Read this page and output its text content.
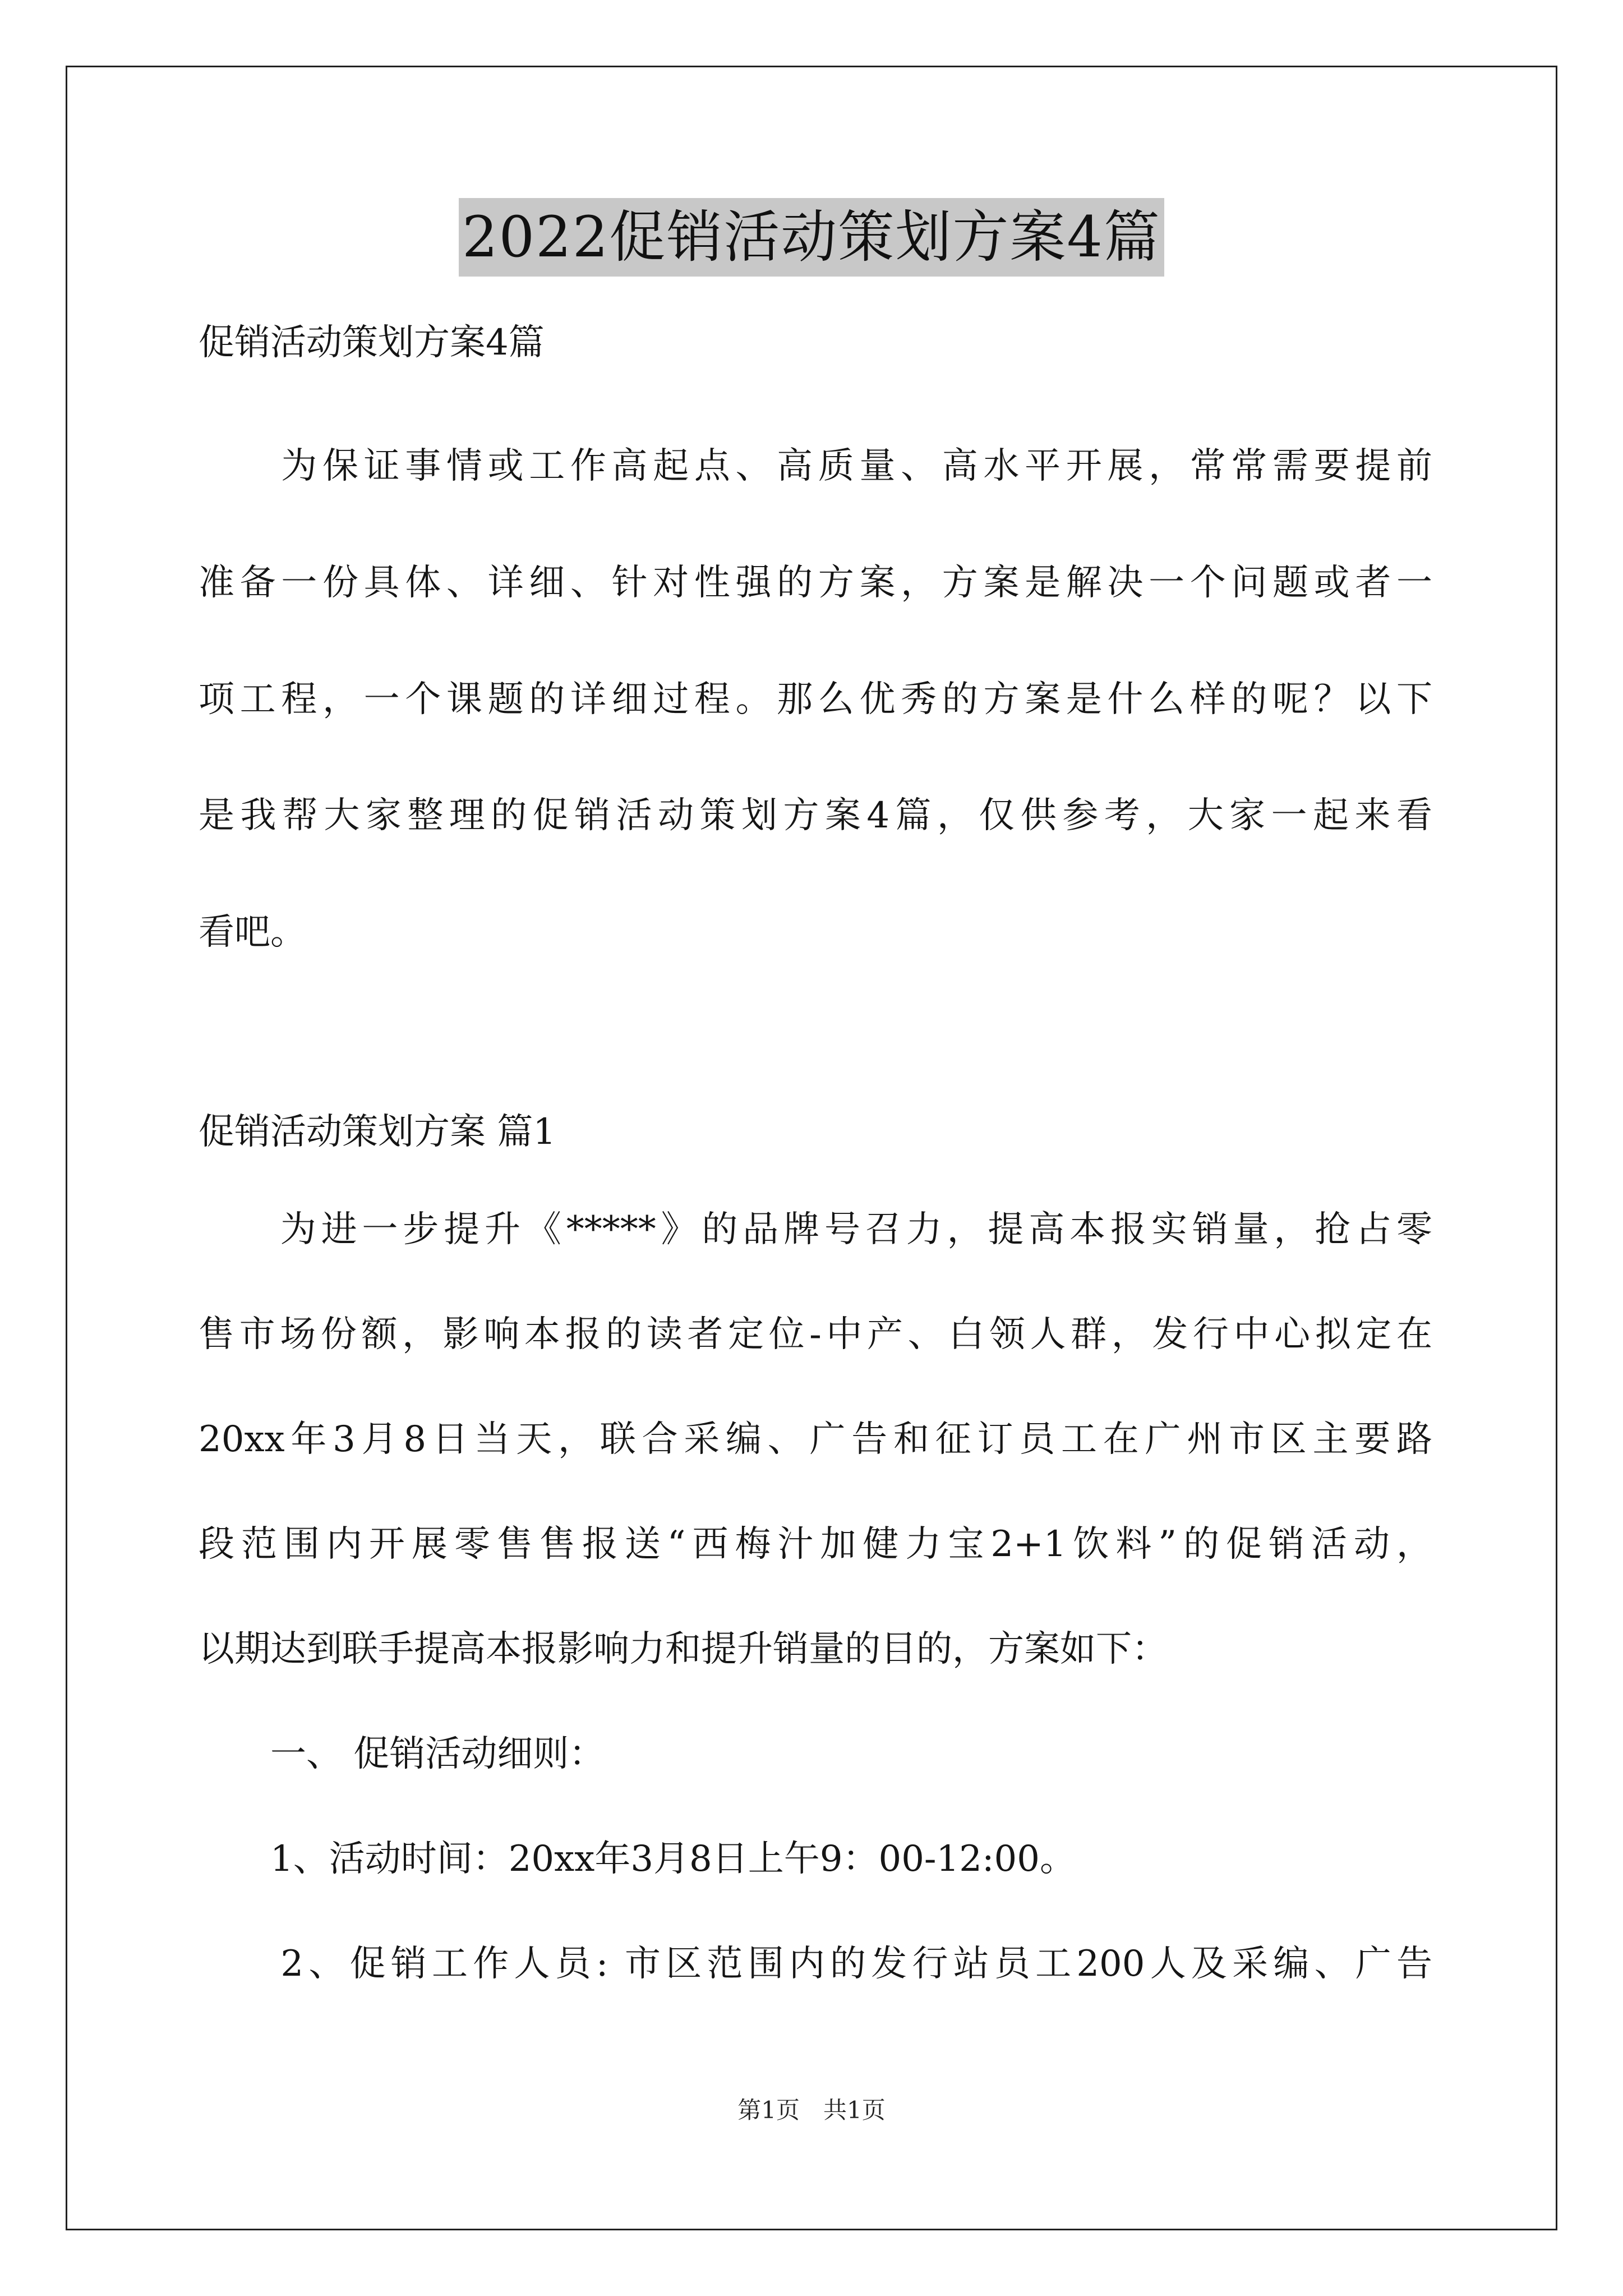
2022促销活动策划方案4篇
促销活动策划方案4篇
　　为保证事情或工作高起点、高质量、高水平开展，常常需要提前
准备一份具体、详细、针对性强的方案，方案是解决一个问题或者一
项工程，一个课题的详细过程。那么优秀的方案是什么样的呢？以下
是我帮大家整理的促销活动策划方案4篇，仅供参考，大家一起来看
看吧。
促销活动策划方案 篇1
　　为进一步提升《*****》的品牌号召力，提高本报实销量，抢占零
售市场份额，影响本报的读者定位-中产、白领人群，发行中心拟定在
20xx年3月8日当天，联合采编、广告和征订员工在广州市区主要路
段范围内开展零售售报送“西梅汁加健力宝2+1饮料”的促销活动，
以期达到联手提高本报影响力和提升销量的目的，方案如下：
　　一、 促销活动细则：
　　1、活动时间：20xx年3月8日上午9：00-12:00。
　　2、促销工作人员: 市区范围内的发行站员工200人及采编、广告
第1页　共1页
